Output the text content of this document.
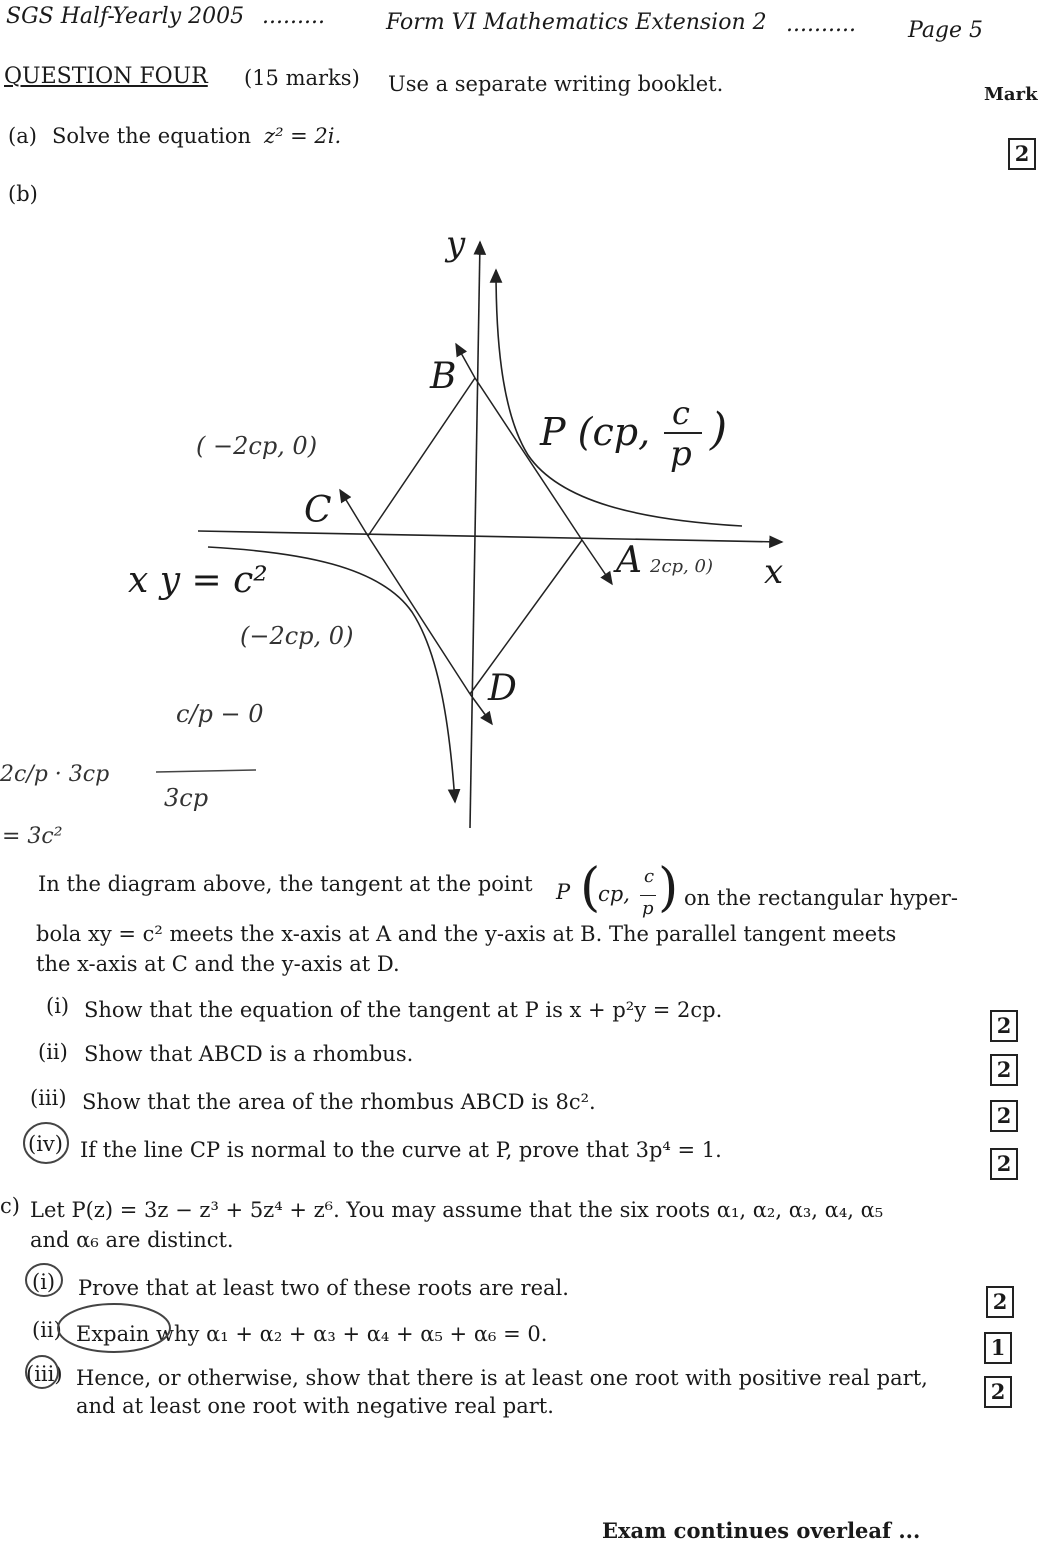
SGS Half-Yearly 2005 .........	Form VI Mathematics Extension 2 .......... Page 5
QUESTION FOUR (15 marks) Use a separate writing booklet.	Mark
(a) Solve the equation z² = 2i.
2
(b)
y
x
B
C
A
D
P (cp, c
p )
x y = c²
( −2cp, 0)
2cp, 0)
(−2cp, 0)
c/p − 0
3cp
2c/p · 3cp
= 3c²
In the diagram above, the tangent at the point P (
cp,
c
p ) on the rectangular hyper-
bola xy = c² meets the x-axis at A and the y-axis at B. The parallel tangent meets
the x-axis at C and the y-axis at D.
(i) Show that the equation of the tangent at P is x + p²y = 2cp.
2
(ii) Show that ABCD is a rhombus.
2
(iii) Show that the area of the rhombus ABCD is 8c².
2
(iv) If the line CP is normal to the curve at P, prove that 3p⁴ = 1.
2
c) Let P(z) = 3z − z³ + 5z⁴ + z⁶. You may assume that the six roots α₁, α₂, α₃, α₄, α₅
and α₆ are distinct.
(i) Prove that at least two of these roots are real.
2
(ii) Expain why α₁ + α₂ + α₃ + α₄ + α₅ + α₆ = 0.
1
(iii) Hence, or otherwise, show that there is at least one root with positive real part,
and at least one root with negative real part.
2
Exam continues overleaf ...
